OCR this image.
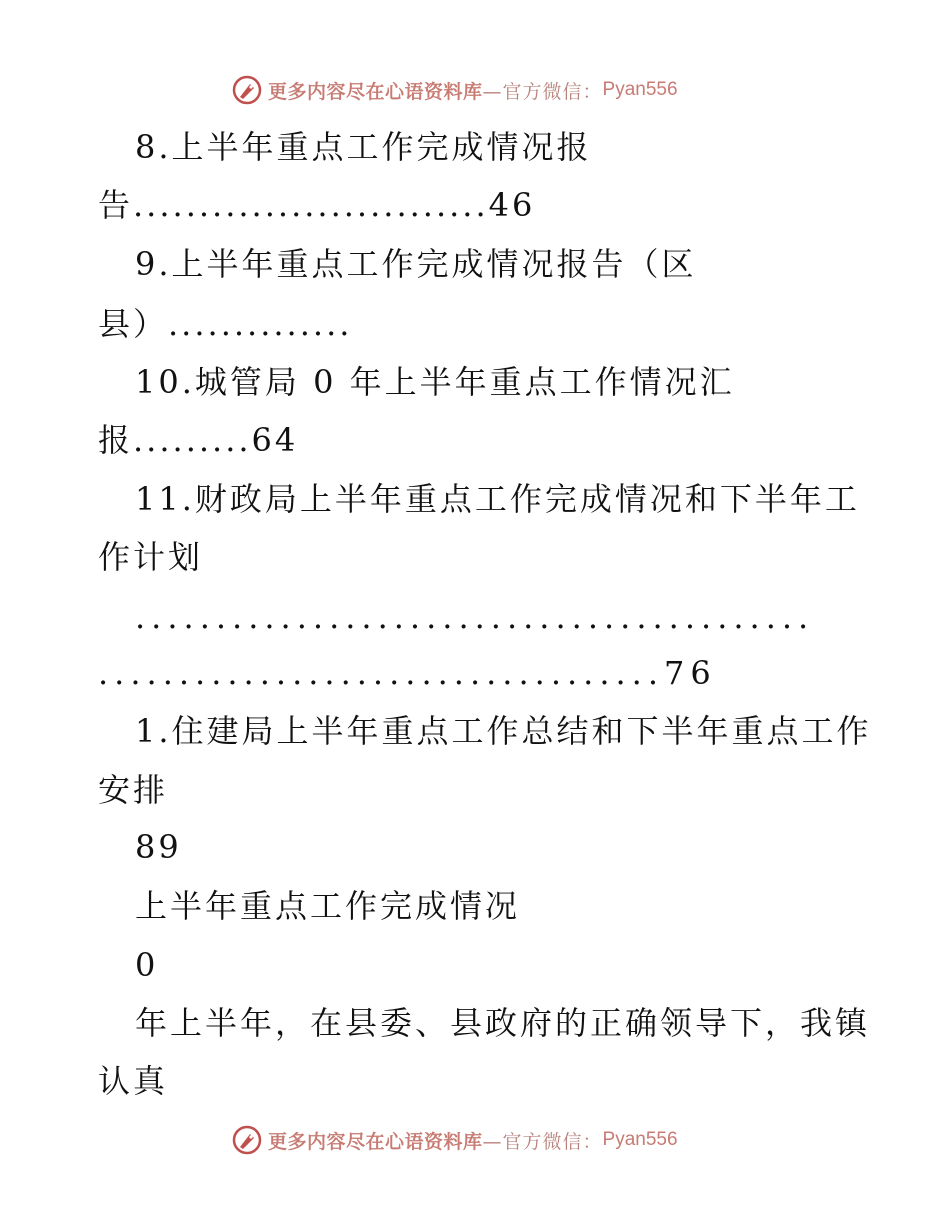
更多内容尽在心语资料库 —官方微信： Pyan556
8.上半年重点工作完成情况报
告...........................46
9.上半年重点工作完成情况报告（区
县）..............
10.城管局 0 年上半年重点工作情况汇
报.........64
11.财政局上半年重点工作完成情况和下半年工
作计划
..........................................
...................................76
1.住建局上半年重点工作总结和下半年重点工作
安排
89
上半年重点工作完成情况
0
年上半年，在县委、县政府的正确领导下，我镇
认真
更多内容尽在心语资料库 —官方微信： Pyan556
